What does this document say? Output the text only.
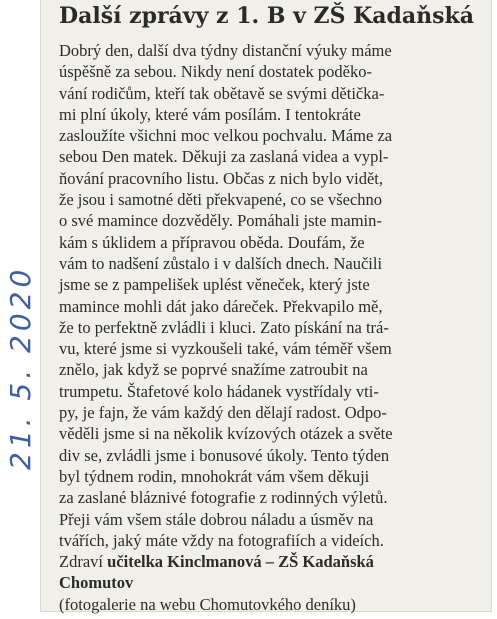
21. 5. 2020
Další zprávy z 1. B v ZŠ Kadaňská
Dobrý den, další dva týdny distanční výuky máme
úspěšně za sebou. Nikdy není dostatek poděko-
vání rodičům, kteří tak obětavě se svými dětička-
mi plní úkoly, které vám posílám. I tentokráte
zasloužíte všichni moc velkou pochvalu. Máme za
sebou Den matek. Děkuji za zaslaná videa a vypl-
ňování pracovního listu. Občas z nich bylo vidět,
že jsou i samotné děti překvapené, co se všechno
o své mamince dozvěděly. Pomáhali jste mamin-
kám s úklidem a přípravou oběda. Doufám, že
vám to nadšení zůstalo i v dalších dnech. Naučili
jsme se z pampelišek uplést věneček, který jste
mamince mohli dát jako dáreček. Překvapilo mě,
že to perfektně zvládli i kluci. Zato pískání na trá-
vu, které jsme si vyzkoušeli také, vám téměř všem
znělo, jak když se poprvé snažíme zatroubit na
trumpetu. Štafetové kolo hádanek vystřídaly vti-
py, je fajn, že vám každý den dělají radost. Odpo-
věděli jsme si na několik kvízových otázek a světe
div se, zvládli jsme i bonusové úkoly. Tento týden
byl týdnem rodin, mnohokrát vám všem děkuji
za zaslané bláznivé fotografie z rodinných výletů.
Přeji vám všem stále dobrou náladu a úsměv na
tvářích, jaký máte vždy na fotografiích a videích.
Zdraví učitelka Kinclmanová – ZŠ Kadaňská
Chomutov
(fotogalerie na webu Chomutovkého deníku)
